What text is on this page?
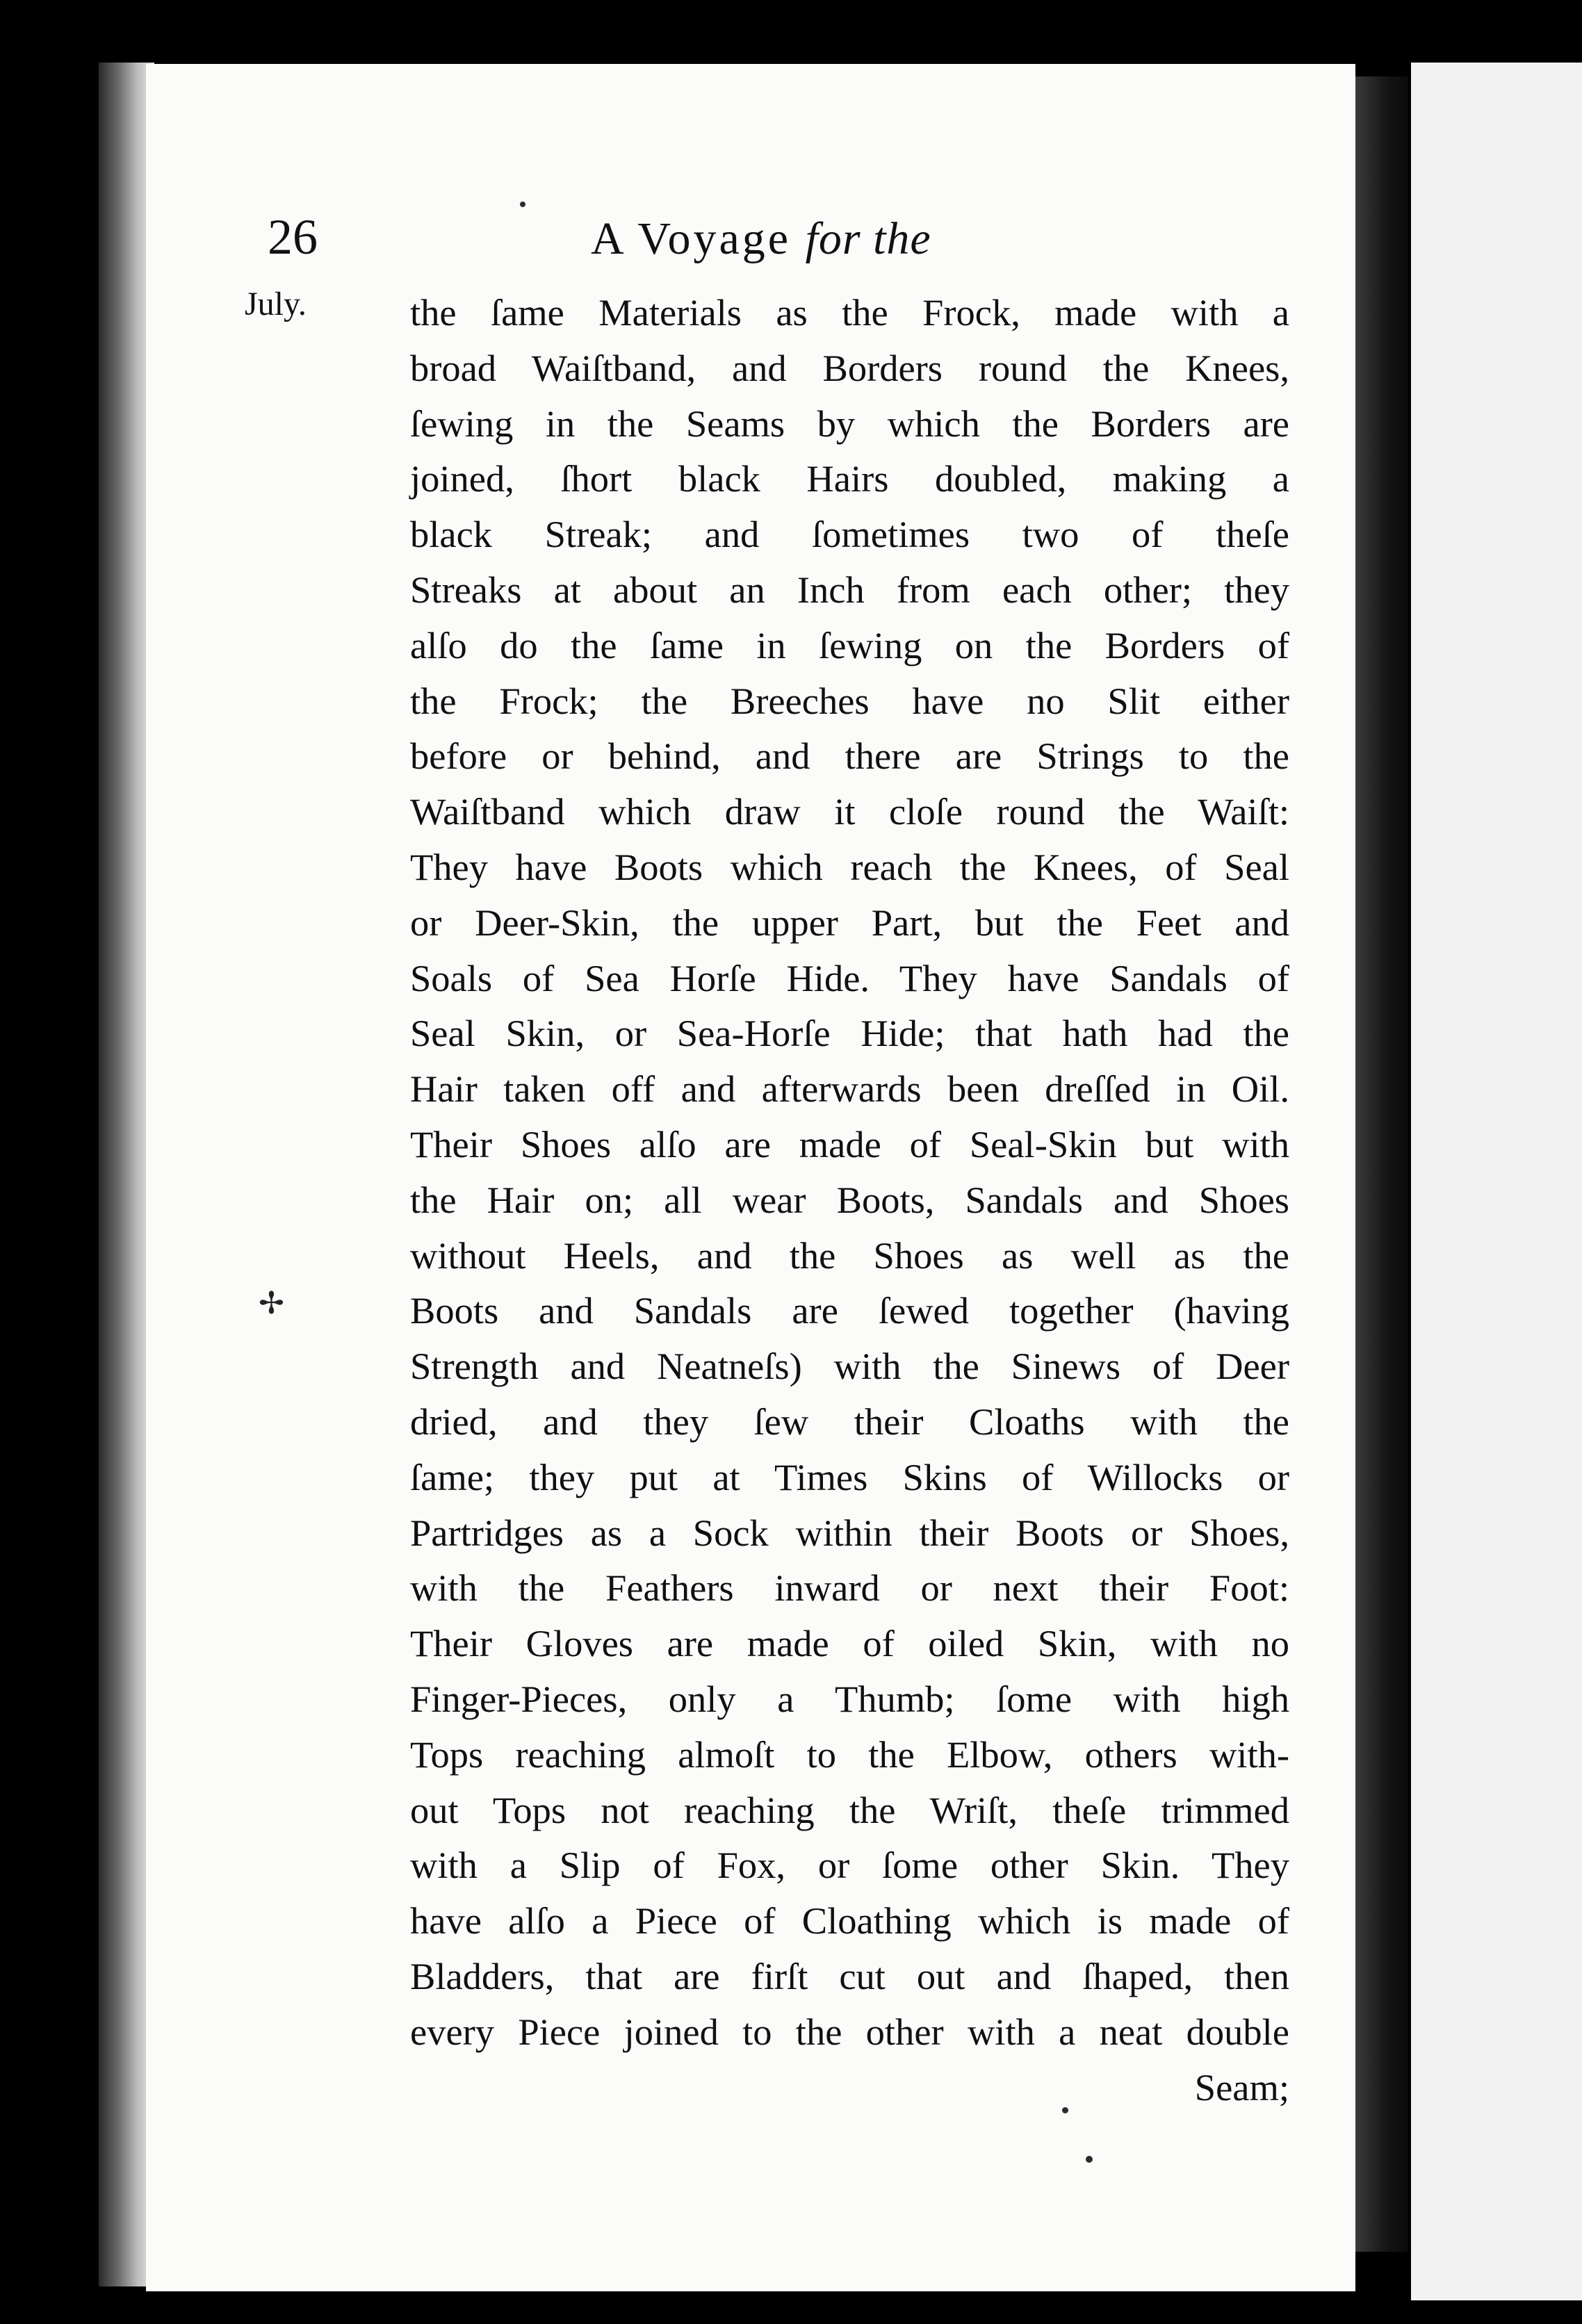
26	A Voyage for the
July.
✢
the ſame Materials as the Frock, made with a
broad Waiſtband, and Borders round the Knees,
ſewing in the Seams by which the Borders are
joined, ſhort black Hairs doubled, making a
black Streak; and ſometimes two of theſe
Streaks at about an Inch from each other; they
alſo do the ſame in ſewing on the Borders of
the Frock; the Breeches have no Slit either
before or behind, and there are Strings to the
Waiſtband which draw it cloſe round the Waiſt:
They have Boots which reach the Knees, of Seal
or Deer-Skin, the upper Part, but the Feet and
Soals of Sea Horſe Hide. They have Sandals of
Seal Skin, or Sea-Horſe Hide; that hath had the
Hair taken off and afterwards been dreſſed in Oil.
Their Shoes alſo are made of Seal-Skin but with
the Hair on; all wear Boots, Sandals and Shoes
without Heels, and the Shoes as well as the
Boots and Sandals are ſewed together (having
Strength and Neatneſs) with the Sinews of Deer
dried, and they ſew their Cloaths with the
ſame; they put at Times Skins of Willocks or
Partridges as a Sock within their Boots or Shoes,
with the Feathers inward or next their Foot:
Their Gloves are made of oiled Skin, with no
Finger-Pieces, only a Thumb; ſome with high
Tops reaching almoſt to the Elbow, others with-
out Tops not reaching the Wriſt, theſe trimmed
with a Slip of Fox, or ſome other Skin. They
have alſo a Piece of Cloathing which is made of
Bladders, that are firſt cut out and ſhaped, then
every Piece joined to the other with a neat double
Seam;
